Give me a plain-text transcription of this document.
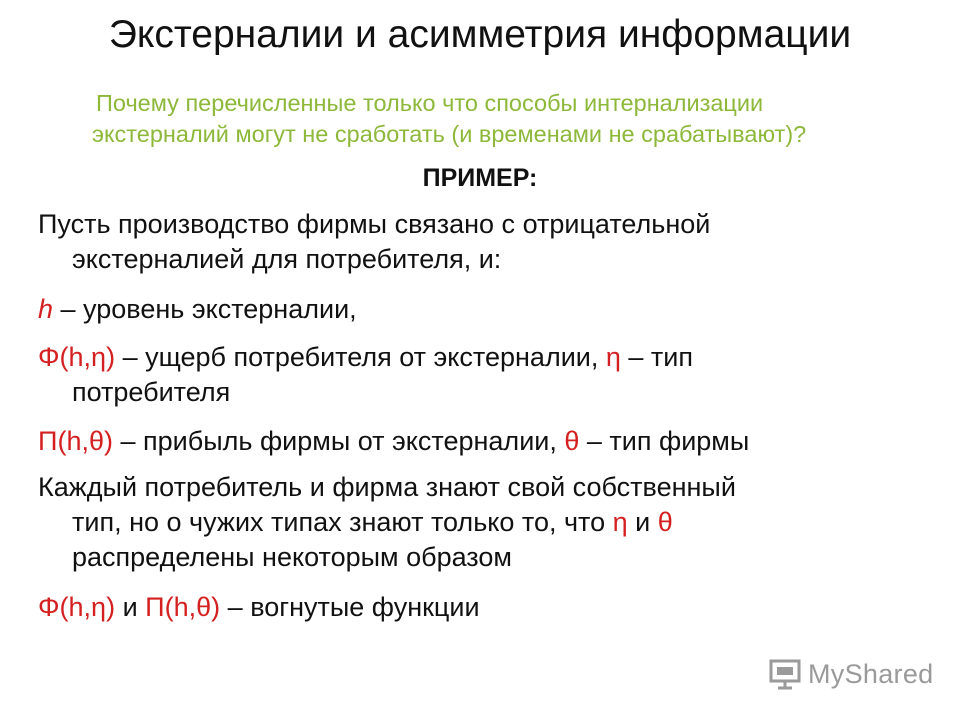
Экстерналии и асимметрия информации
Почему перечисленные только что способы интернализации
экстерналий могут не сработать (и временами не срабатывают)?
ПРИМЕР:
Пусть производство фирмы связано с отрицательной
экстерналией для потребителя, и:
h – уровень экстерналии,
Φ(h,η) – ущерб потребителя от экстерналии, η – тип
потребителя
Π(h,θ) – прибыль фирмы от экстерналии, θ – тип фирмы
Каждый потребитель и фирма знают свой собственный
тип, но о чужих типах знают только то, что η и θ
распределены некоторым образом
Φ(h,η) и Π(h,θ) – вогнутые функции
MyShared
